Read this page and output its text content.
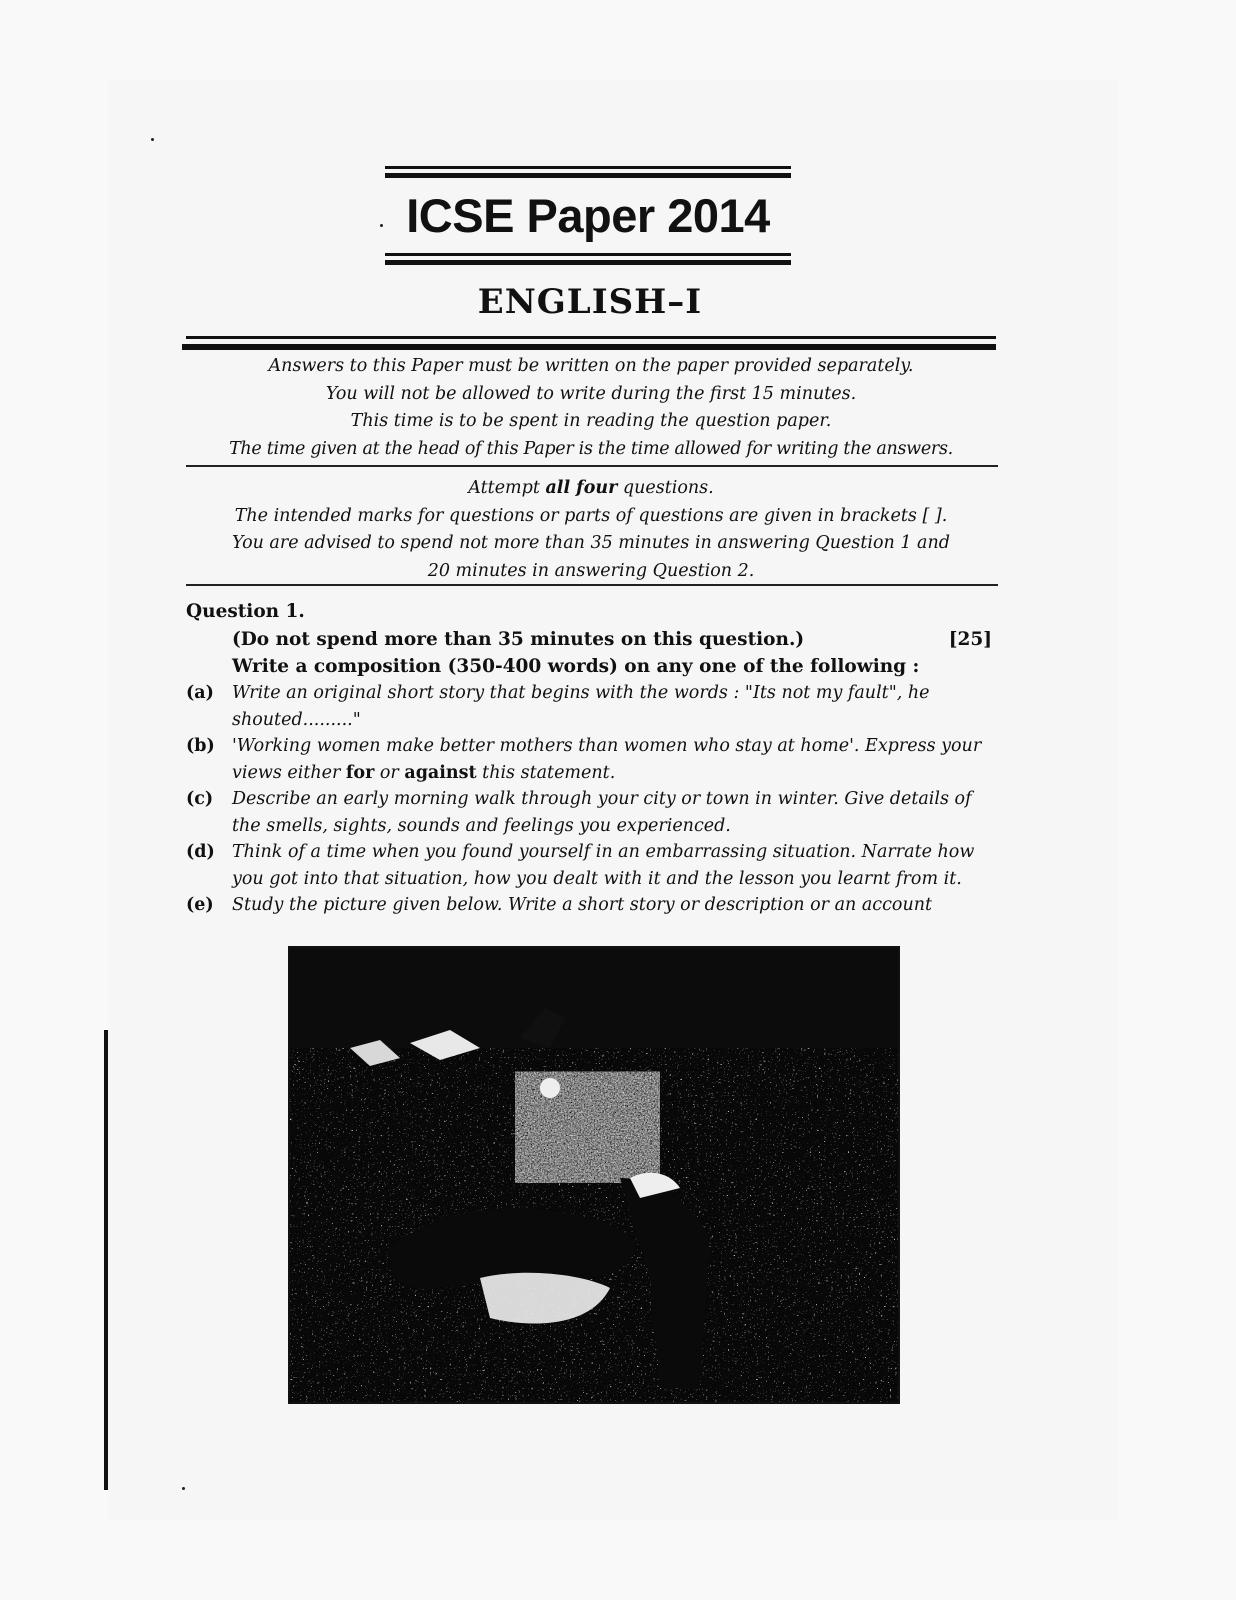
ICSE Paper 2014
ENGLISH–I
Answers to this Paper must be written on the paper provided separately.
You will not be allowed to write during the first 15 minutes.
This time is to be spent in reading the question paper.
The time given at the head of this Paper is the time allowed for writing the answers.
Attempt all four questions.
The intended marks for questions or parts of questions are given in brackets [ ].
You are advised to spend not more than 35 minutes in answering Question 1 and
20 minutes in answering Question 2.
Question 1.
(Do not spend more than 35 minutes on this question.)	[25]
Write a composition (350-400 words) on any one of the following :
(a) Write an original short story that begins with the words : "Its not my fault", he shouted........."
(b) 'Working women make better mothers than women who stay at home'. Express your views either for or against this statement.
(c) Describe an early morning walk through your city or town in winter. Give details of the smells, sights, sounds and feelings you experienced.
(d) Think of a time when you found yourself in an embarrassing situation. Narrate how you got into that situation, how you dealt with it and the lesson you learnt from it.
(e) Study the picture given below. Write a short story or description or an account
